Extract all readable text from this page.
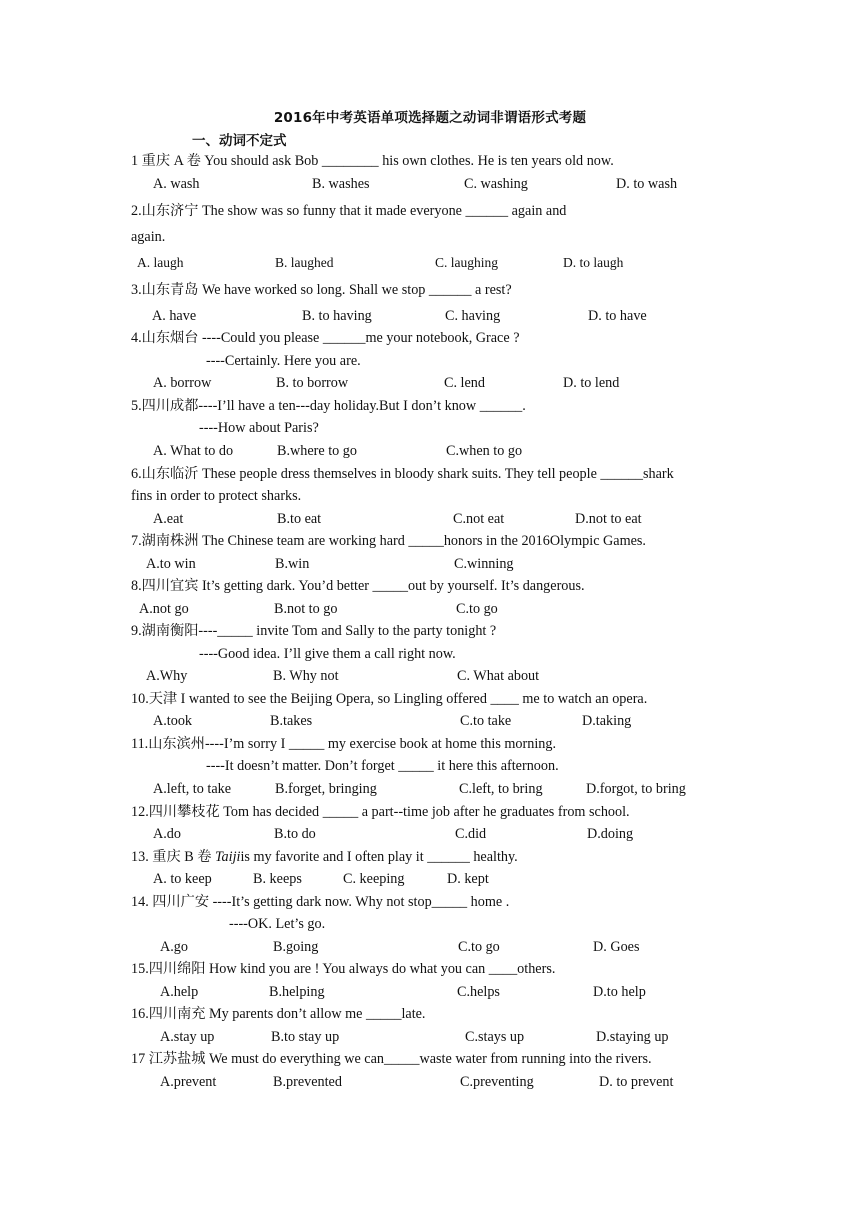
2016年中考英语单项选择题之动词非谓语形式考题
一、动词不定式
1 重庆 A 卷 You should ask Bob ________ his own clothes. He is ten years old now.
A. wash	B. washes	C. washing	D. to wash
2.山东济宁 The show was so funny that it made everyone ______ again and
again.
A. laugh	B. laughed	C. laughing	D. to laugh
3.山东青岛 We have worked so long. Shall we stop ______ a rest?
A. have	B. to having	C. having	D. to have
4.山东烟台 ----Could you please ______me your notebook, Grace ?
----Certainly. Here you are.
A. borrow	B. to borrow	C. lend	D. to lend
5.四川成都----I’ll have a ten---day holiday.But I don’t know ______.
----How about Paris?
A. What to do	B.where to go	C.when to go
6.山东临沂 These people dress themselves in bloody shark suits. They tell people ______shark
fins in order to protect sharks.
A.eat	B.to eat	C.not eat	D.not to eat
7.湖南株洲 The Chinese team are working hard _____honors in the 2016Olympic Games.
A.to win	B.win	C.winning
8.四川宜宾 It’s getting dark. You’d better _____out by yourself. It’s dangerous.
A.not go	B.not to go	C.to go
9.湖南衡阳----_____ invite Tom and Sally to the party tonight ?
----Good idea. I’ll give them a call right now.
A.Why	B. Why not	C. What about
10.天津 I wanted to see the Beijing Opera, so Lingling offered ____ me to watch an opera.
A.took	B.takes	C.to take	D.taking
11.山东滨州----I’m sorry I _____ my exercise book at home this morning.
----It doesn’t matter. Don’t forget _____ it here this afternoon.
A.left, to take	B.forget, bringing	C.left, to bring	D.forgot, to bring
12.四川攀枝花 Tom has decided _____ a part--time job after he graduates from school.
A.do	B.to do	C.did	D.doing
13. 重庆 B 卷 Taijiis my favorite and I often play it ______ healthy.
A. to keep	B. keeps	C. keeping	D. kept
14. 四川广安 ----It’s getting dark now. Why not stop_____ home .
----OK. Let’s go.
A.go	B.going	C.to go	D. Goes
15.四川绵阳 How kind you are ! You always do what you can ____others.
A.help	B.helping	C.helps	D.to help
16.四川南充 My parents don’t allow me _____late.
A.stay up	B.to stay up	C.stays up	D.staying up
17 江苏盐城 We must do everything we can_____waste water from running into the rivers.
A.prevent	B.prevented	C.preventing	D. to prevent
